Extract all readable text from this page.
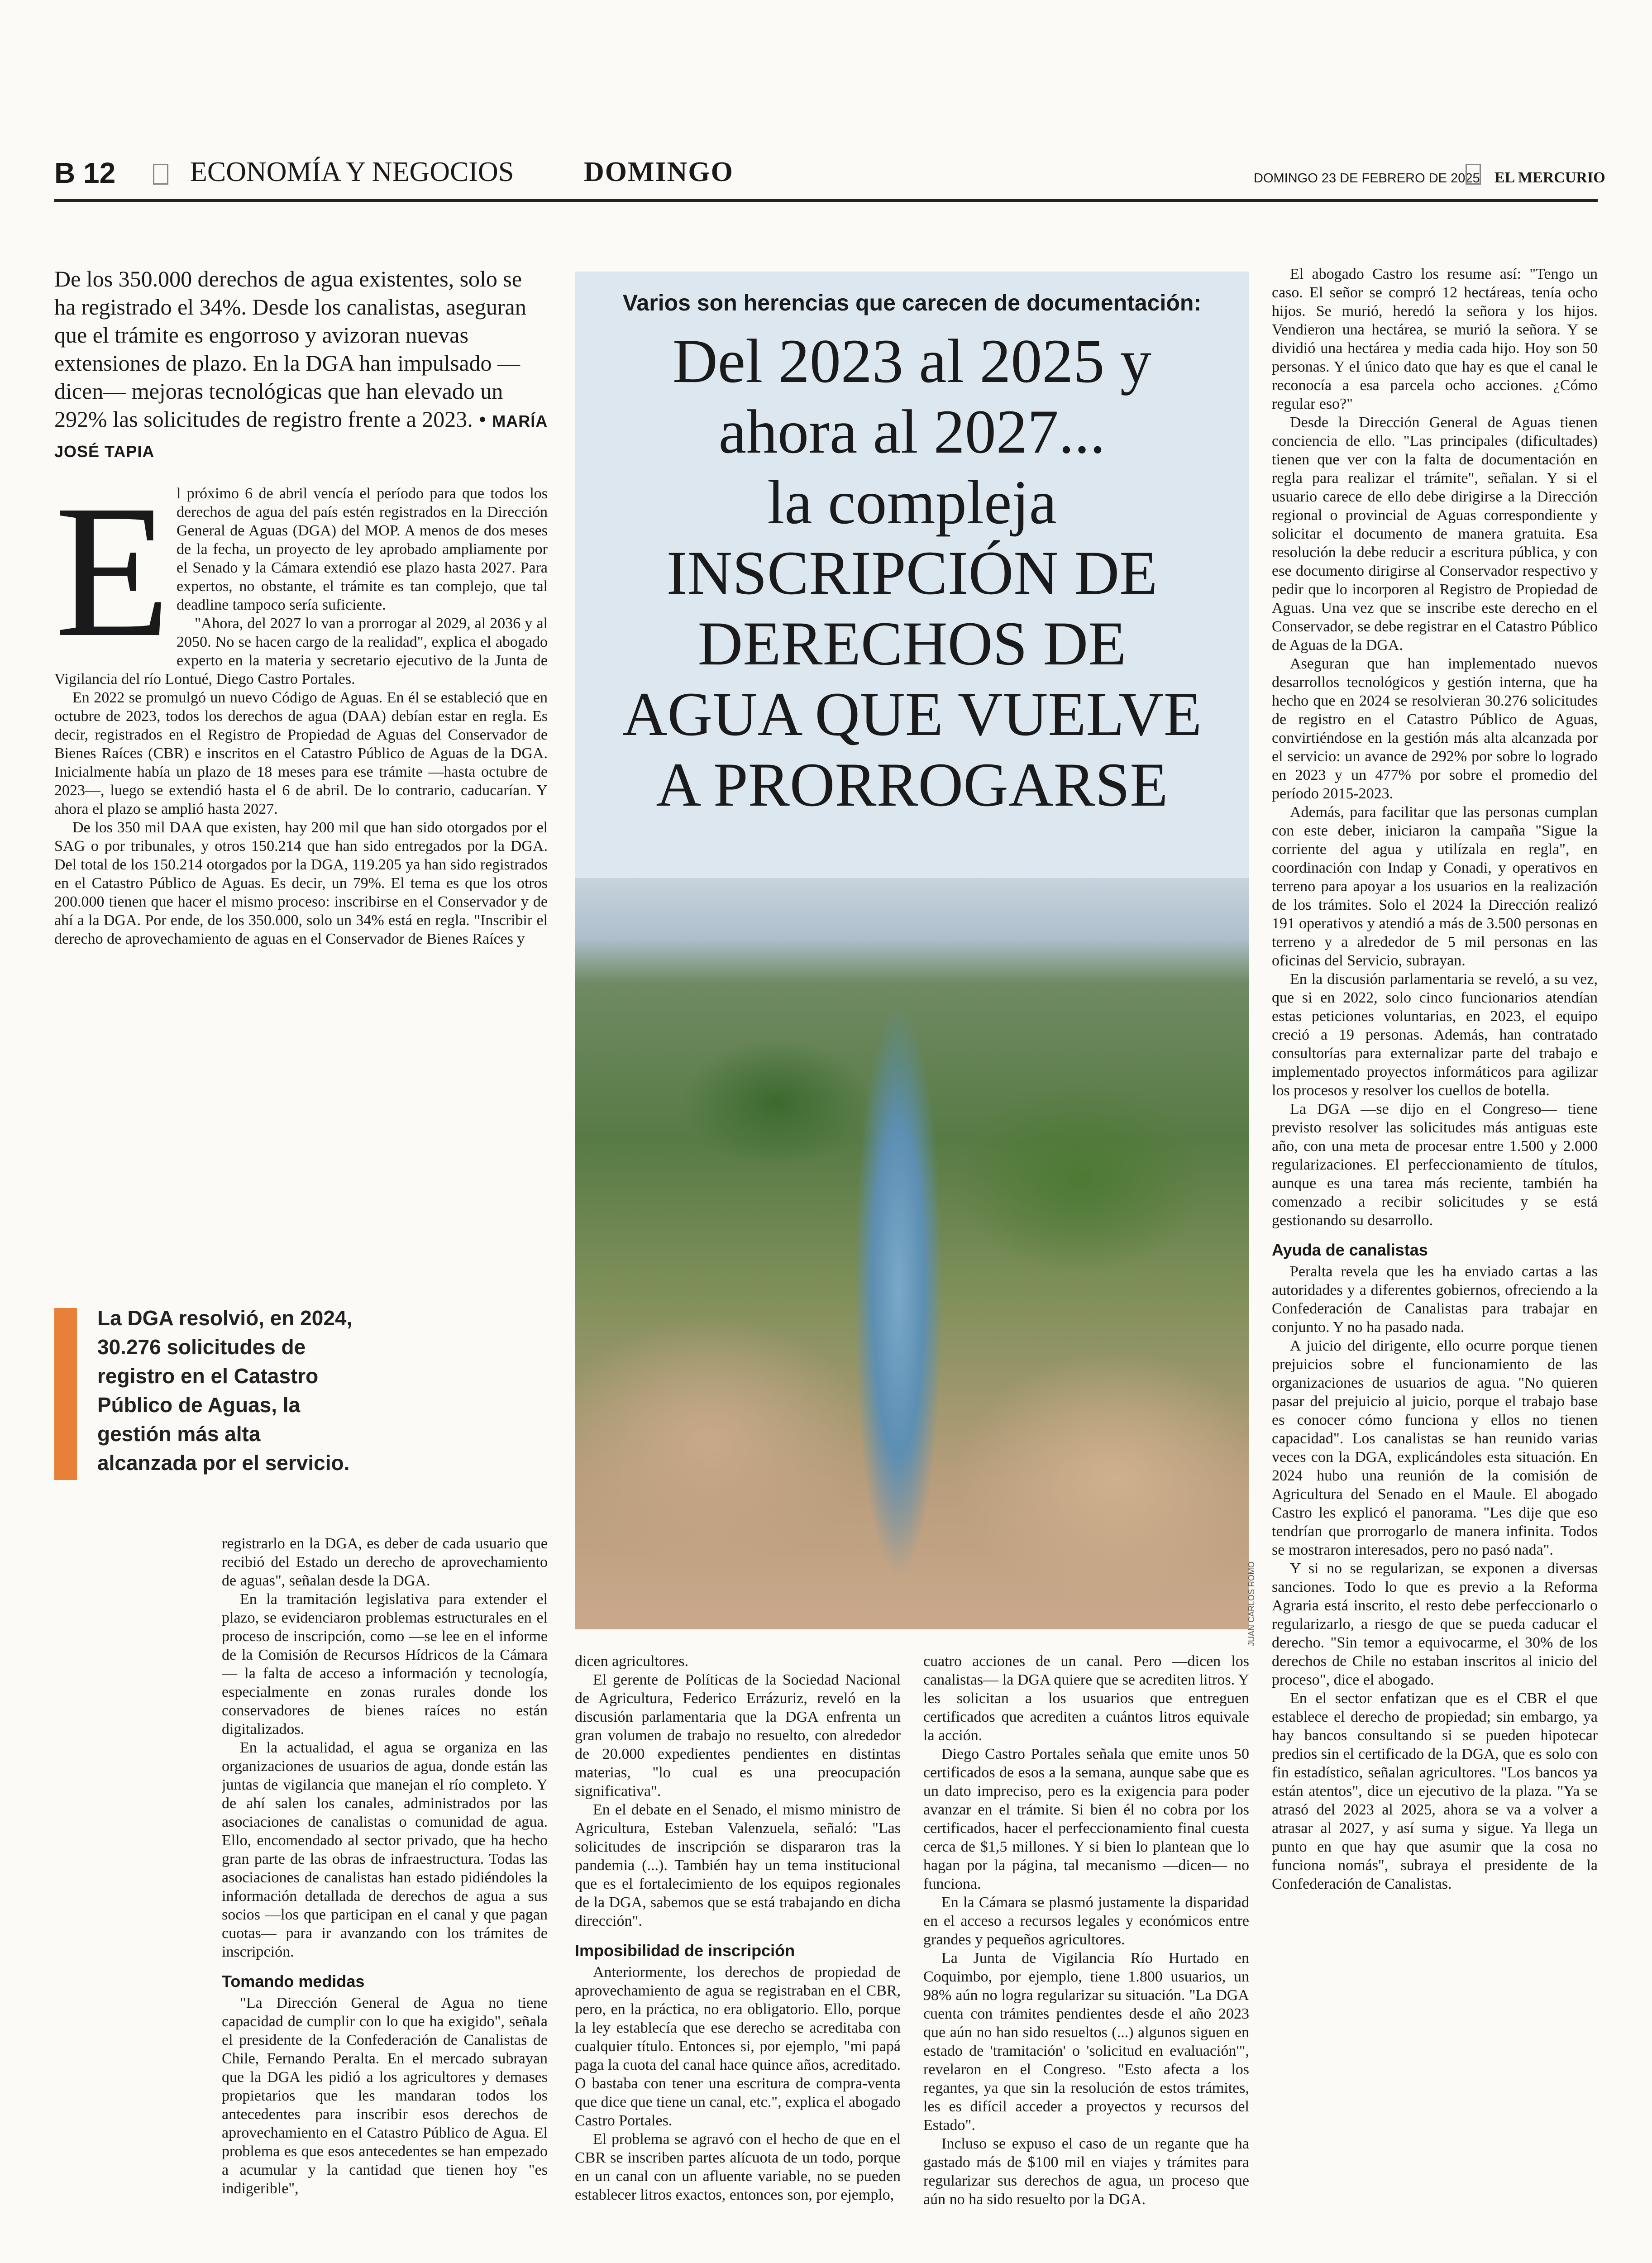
B 12	ECONOMÍA Y NEGOCIOS DOMINGO	DOMINGO 23 DE FEBRERO DE 2025 EL MERCURIO
De los 350.000 derechos de agua existentes, solo se ha registrado el 34%. Desde los canalistas, aseguran que el trámite es engorroso y avizoran nuevas extensiones de plazo. En la DGA han impulsado —dicen— mejoras tecnológicas que han elevado un 292% las solicitudes de registro frente a 2023. • MARÍA JOSÉ TAPIA
E l próximo 6 de abril vencía el período para que todos los derechos de agua del país estén registrados en la Dirección General de Aguas (DGA) del MOP. A menos de dos meses de la fecha, un proyecto de ley aprobado ampliamente por el Senado y la Cámara extendió ese plazo hasta 2027. Para expertos, no obstante, el trámite es tan complejo, que tal deadline tampoco sería suficiente.

"Ahora, del 2027 lo van a prorrogar al 2029, al 2036 y al 2050. No se hacen cargo de la realidad", explica el abogado experto en la materia y secretario ejecutivo de la Junta de Vigilancia del río Lontué, Diego Castro Portales.

En 2022 se promulgó un nuevo Código de Aguas. En él se estableció que en octubre de 2023, todos los derechos de agua (DAA) debían estar en regla. Es decir, registrados en el Registro de Propiedad de Aguas del Conservador de Bienes Raíces (CBR) e inscritos en el Catastro Público de Aguas de la DGA. Inicialmente había un plazo de 18 meses para ese trámite —hasta octubre de 2023—, luego se extendió hasta el 6 de abril. De lo contrario, caducarían. Y ahora el plazo se amplió hasta 2027.

De los 350 mil DAA que existen, hay 200 mil que han sido otorgados por el SAG o por tribunales, y otros 150.214 que han sido entregados por la DGA. Del total de los 150.214 otorgados por la DGA, 119.205 ya han sido registrados en el Catastro Público de Aguas. Es decir, un 79%. El tema es que los otros 200.000 tienen que hacer el mismo proceso: inscribirse en el Conservador y de ahí a la DGA. Por ende, de los 350.000, solo un 34% está en regla. "Inscribir el derecho de aprovechamiento de aguas en el Conservador de Bienes Raíces y

La DGA resolvió, en 2024, 30.276 solicitudes de registro en el Catastro Público de Aguas, la gestión más alta alcanzada por el servicio.

registrarlo en la DGA, es deber de cada usuario que recibió del Estado un derecho de aprovechamiento de aguas", señalan desde la DGA.

En la tramitación legislativa para extender el plazo, se evidenciaron problemas estructurales en el proceso de inscripción, como —se lee en el informe de la Comisión de Recursos Hídricos de la Cámara— la falta de acceso a información y tecnología, especialmente en zonas rurales donde los conservadores de bienes raíces no están digitalizados.

En la actualidad, el agua se organiza en las organizaciones de usuarios de agua, donde están las juntas de vigilancia que manejan el río completo. Y de ahí salen los canales, administrados por las asociaciones de canalistas o comunidad de agua. Ello, encomendado al sector privado, que ha hecho gran parte de las obras de infraestructura. Todas las asociaciones de canalistas han estado pidiéndoles la información detallada de derechos de agua a sus socios —los que participan en el canal y que pagan cuotas— para ir avanzando con los trámites de inscripción.

Tomando medidas

"La Dirección General de Agua no tiene capacidad de cumplir con lo que ha exigido", señala el presidente de la Confederación de Canalistas de Chile, Fernando Peralta. En el mercado subrayan que la DGA les pidió a los agricultores y demases propietarios que les mandaran todos los antecedentes para inscribir esos derechos de aprovechamiento en el Catastro Público de Agua. El problema es que esos antecedentes se han empezado a acumular y la cantidad que tienen hoy "es indigerible",

Varios son herencias que carecen de documentación:
Del 2023 al 2025 y
ahora al 2027...
la compleja
INSCRIPCIÓN DE
DERECHOS DE
AGUA QUE VUELVE
A PRORROGARSE
JUAN CARLOS ROMO

dicen agricultores.

El gerente de Políticas de la Sociedad Nacional de Agricultura, Federico Errázuriz, reveló en la discusión parlamentaria que la DGA enfrenta un gran volumen de trabajo no resuelto, con alrededor de 20.000 expedientes pendientes en distintas materias, "lo cual es una preocupación significativa".

En el debate en el Senado, el mismo ministro de Agricultura, Esteban Valenzuela, señaló: "Las solicitudes de inscripción se dispararon tras la pandemia (...). También hay un tema institucional que es el fortalecimiento de los equipos regionales de la DGA, sabemos que se está trabajando en dicha dirección".

Imposibilidad de inscripción

Anteriormente, los derechos de propiedad de aprovechamiento de agua se registraban en el CBR, pero, en la práctica, no era obligatorio. Ello, porque la ley establecía que ese derecho se acreditaba con cualquier título. Entonces si, por ejemplo, "mi papá paga la cuota del canal hace quince años, acreditado. O bastaba con tener una escritura de compra-venta que dice que tiene un canal, etc.", explica el abogado Castro Portales.

El problema se agravó con el hecho de que en el CBR se inscriben partes alícuota de un todo, porque en un canal con un afluente variable, no se pueden establecer litros exactos, entonces son, por ejemplo,

cuatro acciones de un canal. Pero —dicen los canalistas— la DGA quiere que se acrediten litros. Y les solicitan a los usuarios que entreguen certificados que acrediten a cuántos litros equivale la acción.

Diego Castro Portales señala que emite unos 50 certificados de esos a la semana, aunque sabe que es un dato impreciso, pero es la exigencia para poder avanzar en el trámite. Si bien él no cobra por los certificados, hacer el perfeccionamiento final cuesta cerca de $1,5 millones. Y si bien lo plantean que lo hagan por la página, tal mecanismo —dicen— no funciona.

En la Cámara se plasmó justamente la disparidad en el acceso a recursos legales y económicos entre grandes y pequeños agricultores.

La Junta de Vigilancia Río Hurtado en Coquimbo, por ejemplo, tiene 1.800 usuarios, un 98% aún no logra regularizar su situación. "La DGA cuenta con trámites pendientes desde el año 2023 que aún no han sido resueltos (...) algunos siguen en estado de 'tramitación' o 'solicitud en evaluación'", revelaron en el Congreso. "Esto afecta a los regantes, ya que sin la resolución de estos trámites, les es difícil acceder a proyectos y recursos del Estado".

Incluso se expuso el caso de un regante que ha gastado más de $100 mil en viajes y trámites para regularizar sus derechos de agua, un proceso que aún no ha sido resuelto por la DGA.

El abogado Castro los resume así: "Tengo un caso. El señor se compró 12 hectáreas, tenía ocho hijos. Se murió, heredó la señora y los hijos. Vendieron una hectárea, se murió la señora. Y se dividió una hectárea y media cada hijo. Hoy son 50 personas. Y el único dato que hay es que el canal le reconocía a esa parcela ocho acciones. ¿Cómo regular eso?"

Desde la Dirección General de Aguas tienen conciencia de ello. "Las principales (dificultades) tienen que ver con la falta de documentación en regla para realizar el trámite", señalan. Y si el usuario carece de ello debe dirigirse a la Dirección regional o provincial de Aguas correspondiente y solicitar el documento de manera gratuita. Esa resolución la debe reducir a escritura pública, y con ese documento dirigirse al Conservador respectivo y pedir que lo incorporen al Registro de Propiedad de Aguas. Una vez que se inscribe este derecho en el Conservador, se debe registrar en el Catastro Público de Aguas de la DGA.

Aseguran que han implementado nuevos desarrollos tecnológicos y gestión interna, que ha hecho que en 2024 se resolvieran 30.276 solicitudes de registro en el Catastro Público de Aguas, convirtiéndose en la gestión más alta alcanzada por el servicio: un avance de 292% por sobre lo logrado en 2023 y un 477% por sobre el promedio del período 2015-2023.

Además, para facilitar que las personas cumplan con este deber, iniciaron la campaña "Sigue la corriente del agua y utilízala en regla", en coordinación con Indap y Conadi, y operativos en terreno para apoyar a los usuarios en la realización de los trámites. Solo el 2024 la Dirección realizó 191 operativos y atendió a más de 3.500 personas en terreno y a alrededor de 5 mil personas en las oficinas del Servicio, subrayan.

En la discusión parlamentaria se reveló, a su vez, que si en 2022, solo cinco funcionarios atendían estas peticiones voluntarias, en 2023, el equipo creció a 19 personas. Además, han contratado consultorías para externalizar parte del trabajo e implementado proyectos informáticos para agilizar los procesos y resolver los cuellos de botella.

La DGA —se dijo en el Congreso— tiene previsto resolver las solicitudes más antiguas este año, con una meta de procesar entre 1.500 y 2.000 regularizaciones. El perfeccionamiento de títulos, aunque es una tarea más reciente, también ha comenzado a recibir solicitudes y se está gestionando su desarrollo.

Ayuda de canalistas

Peralta revela que les ha enviado cartas a las autoridades y a diferentes gobiernos, ofreciendo a la Confederación de Canalistas para trabajar en conjunto. Y no ha pasado nada.

A juicio del dirigente, ello ocurre porque tienen prejuicios sobre el funcionamiento de las organizaciones de usuarios de agua. "No quieren pasar del prejuicio al juicio, porque el trabajo base es conocer cómo funciona y ellos no tienen capacidad". Los canalistas se han reunido varias veces con la DGA, explicándoles esta situación. En 2024 hubo una reunión de la comisión de Agricultura del Senado en el Maule. El abogado Castro les explicó el panorama. "Les dije que eso tendrían que prorrogarlo de manera infinita. Todos se mostraron interesados, pero no pasó nada".

Y si no se regularizan, se exponen a diversas sanciones. Todo lo que es previo a la Reforma Agraria está inscrito, el resto debe perfeccionarlo o regularizarlo, a riesgo de que se pueda caducar el derecho. "Sin temor a equivocarme, el 30% de los derechos de Chile no estaban inscritos al inicio del proceso", dice el abogado.

En el sector enfatizan que es el CBR el que establece el derecho de propiedad; sin embargo, ya hay bancos consultando si se pueden hipotecar predios sin el certificado de la DGA, que es solo con fin estadístico, señalan agricultores. "Los bancos ya están atentos", dice un ejecutivo de la plaza. "Ya se atrasó del 2023 al 2025, ahora se va a volver a atrasar al 2027, y así suma y sigue. Ya llega un punto en que hay que asumir que la cosa no funciona nomás", subraya el presidente de la Confederación de Canalistas.
